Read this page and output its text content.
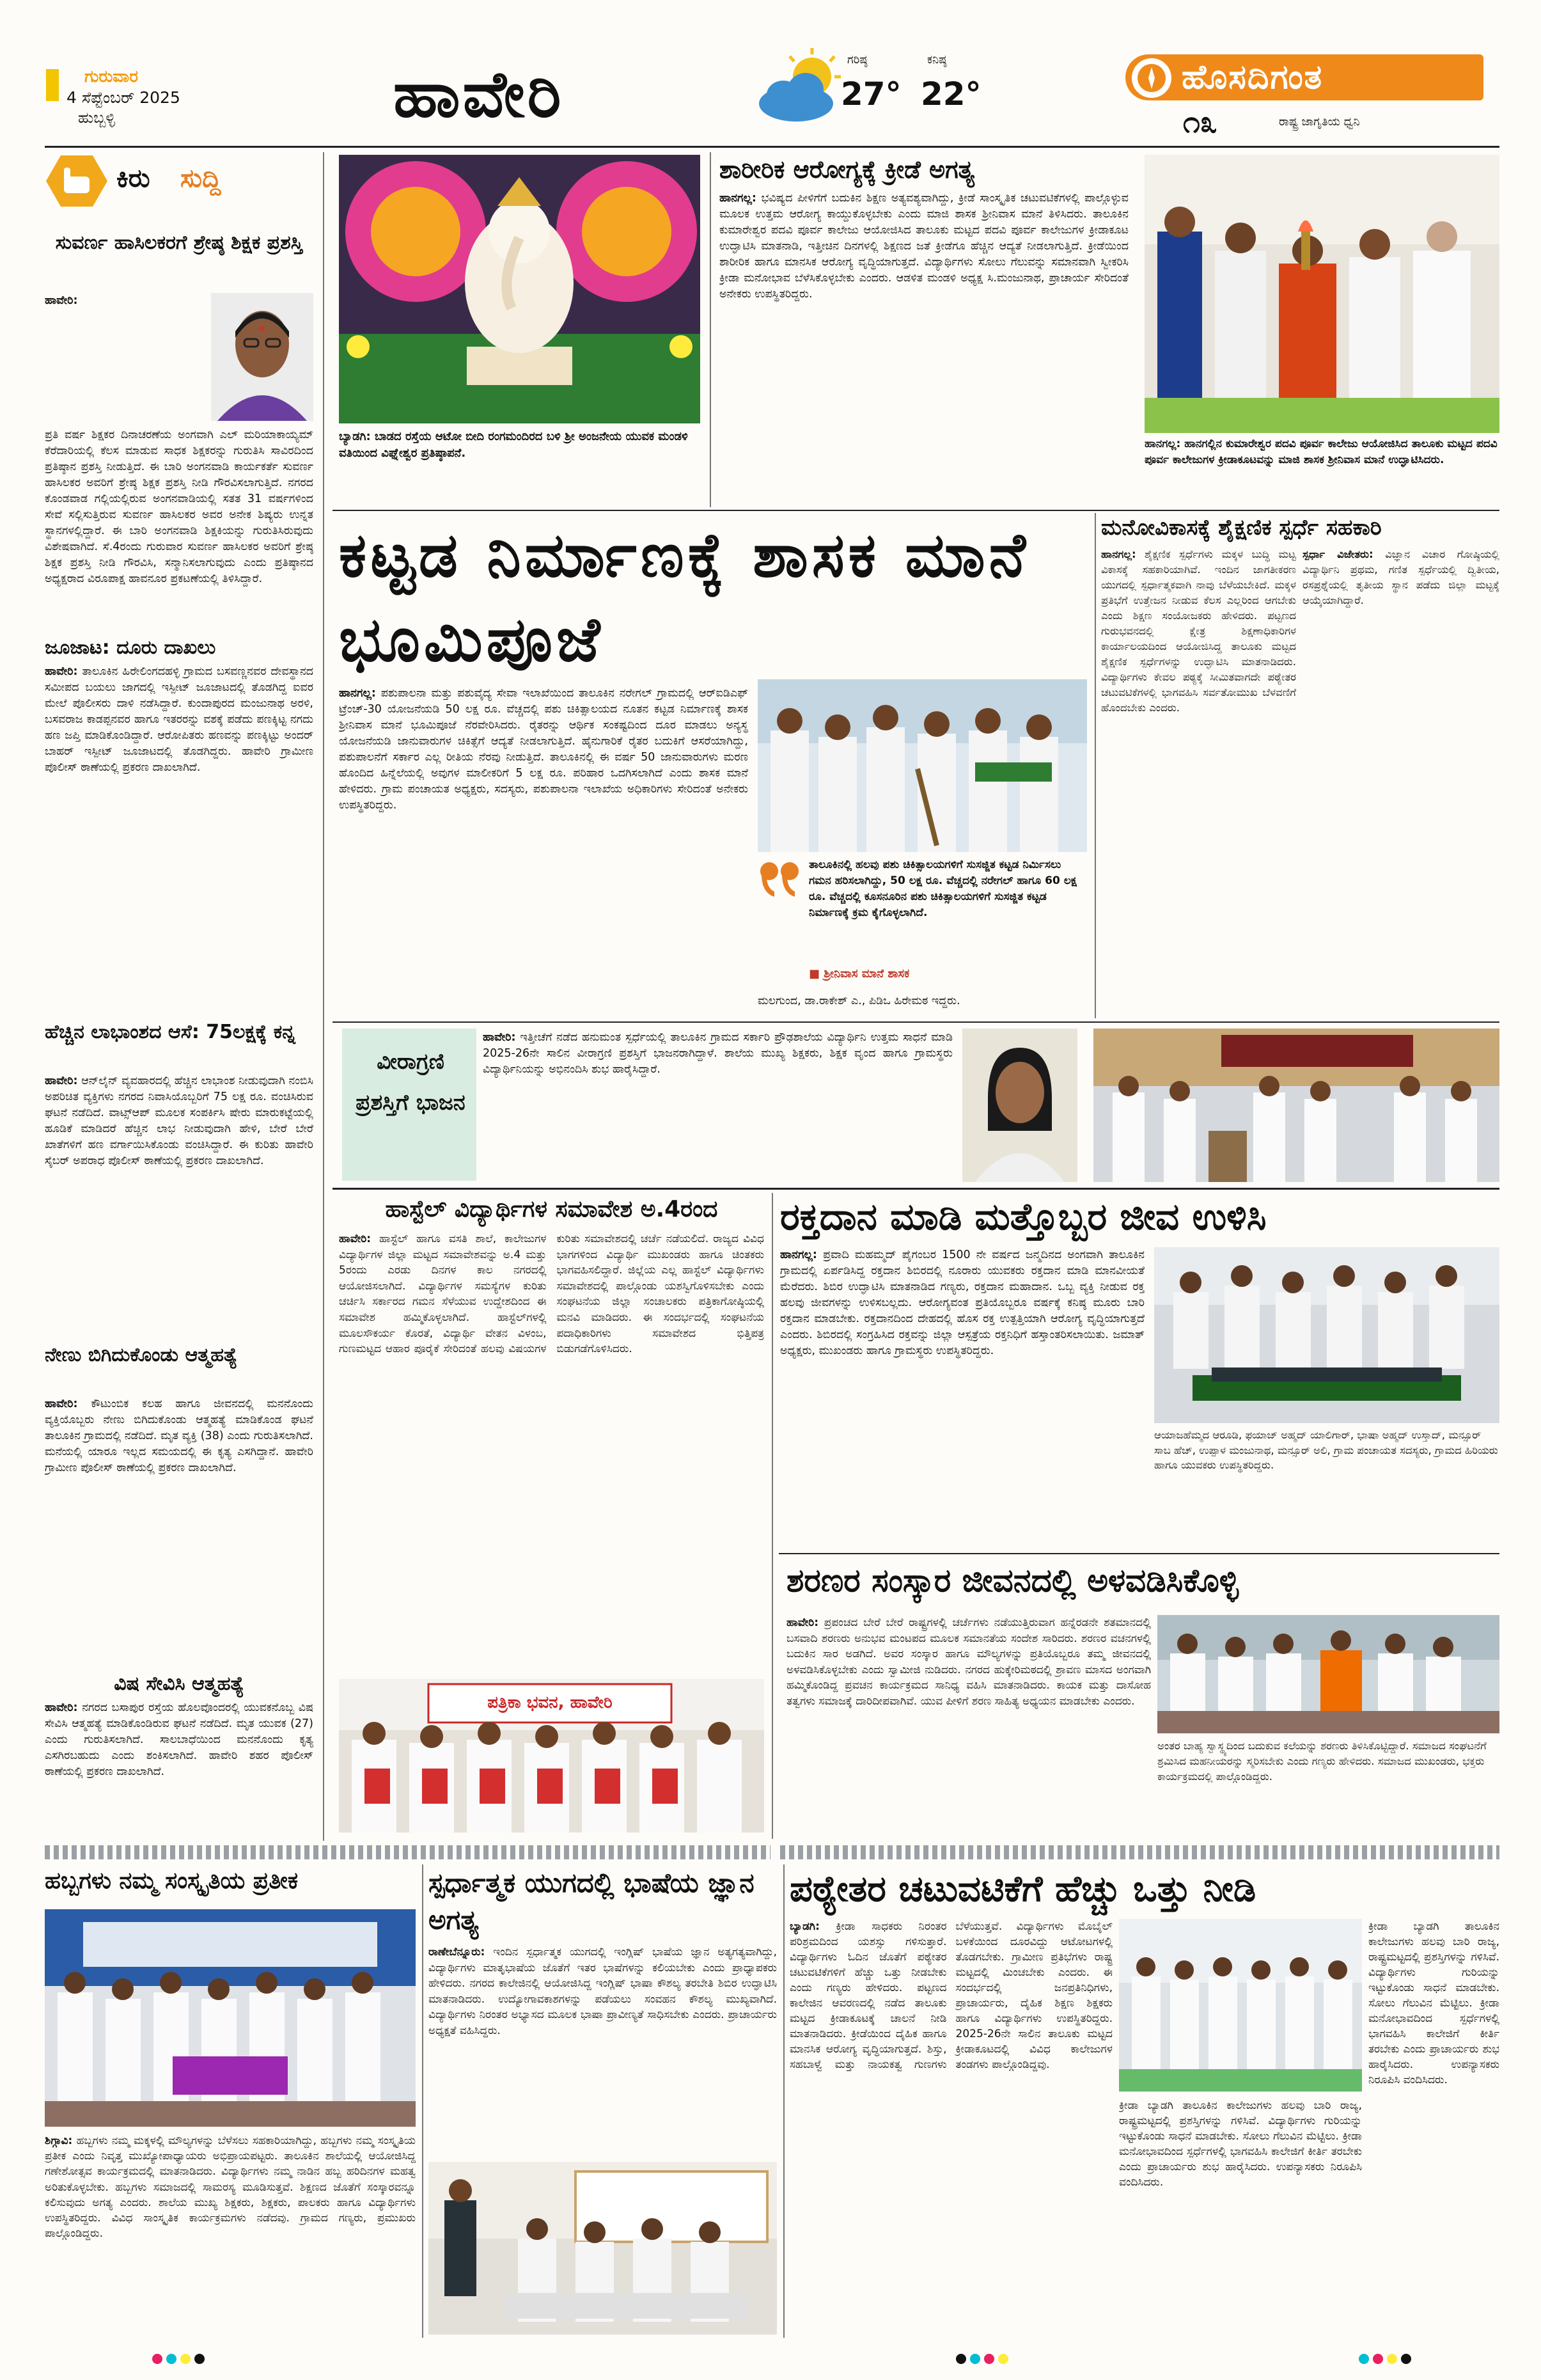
ಗುರುವಾರ
4 ಸೆಪ್ಟೆಂಬರ್ 2025
ಹುಬ್ಬಳ್ಳಿ	ಹಾವೇರಿ	ಗರಿಷ್ಠ
27°
ಕನಿಷ್ಠ
22°	ಹೊಸದಿಗಂತ
೧೩	ರಾಷ್ಟ್ರ ಜಾಗೃತಿಯ ಧ್ವನಿ
ಕಿರು ಸುದ್ದಿ
ಸುವರ್ಣ ಹಾಸಿಲಕರಗೆ ಶ್ರೇಷ್ಠ ಶಿಕ್ಷಕ ಪ್ರಶಸ್ತಿ
ಹಾವೇರಿ:
ಪ್ರತಿ ವರ್ಷ ಶಿಕ್ಷಕರ ದಿನಾಚರಣೆಯ ಅಂಗವಾಗಿ ಎಲ್‌ ಮರಿಯಾಕಾಯ್ಯಮ್‌ ಕೆರೆದಾರಿಯಲ್ಲಿ ಕೆಲಸ ಮಾಡುವ ಸಾಧಕ ಶಿಕ್ಷಕರನ್ನು ಗುರುತಿಸಿ ಸಾವಿರದಿಂದ ಪ್ರತಿಷ್ಠಾನ ಪ್ರಶಸ್ತಿ ನೀಡುತ್ತಿದೆ. ಈ ಬಾರಿ ಅಂಗನವಾಡಿ ಕಾರ್ಯಕರ್ತೆ ಸುವರ್ಣ ಹಾಸಿಲಕರ ಅವರಿಗೆ ಶ್ರೇಷ್ಠ ಶಿಕ್ಷಕ ಪ್ರಶಸ್ತಿ ನೀಡಿ ಗೌರವಿಸಲಾಗುತ್ತಿದೆ. ನಗರದ ಕೊಂಡವಾಡ ಗಲ್ಲಿಯಲ್ಲಿರುವ ಅಂಗನವಾಡಿಯಲ್ಲಿ ಸತತ 31 ವರ್ಷಗಳಿಂದ ಸೇವೆ ಸಲ್ಲಿಸುತ್ತಿರುವ ಸುವರ್ಣ ಹಾಸಿಲಕರ ಅವರ ಅನೇಕ ಶಿಷ್ಯರು ಉನ್ನತ ಸ್ಥಾನಗಳಲ್ಲಿದ್ದಾರೆ. ಈ ಬಾರಿ ಅಂಗನವಾಡಿ ಶಿಕ್ಷಕಿಯನ್ನು ಗುರುತಿಸಿರುವುದು ವಿಶೇಷವಾಗಿದೆ. ಸೆ.4ರಂದು ಗುರುವಾರ ಸುವರ್ಣ ಹಾಸಿಲಕರ ಅವರಿಗೆ ಶ್ರೇಷ್ಠ ಶಿಕ್ಷಕ ಪ್ರಶಸ್ತಿ ನೀಡಿ ಗೌರವಿಸಿ, ಸನ್ಮಾನಿಸಲಾಗುವುದು ಎಂದು ಪ್ರತಿಷ್ಠಾನದ ಅಧ್ಯಕ್ಷರಾದ ವಿರೂಪಾಕ್ಷ ಹಾವನೂರ ಪ್ರಕಟಣೆಯಲ್ಲಿ ತಿಳಿಸಿದ್ದಾರೆ.
ಜೂಜಾಟ: ದೂರು ದಾಖಲು
ಹಾವೇರಿ: ತಾಲೂಕಿನ ಹಿರೇಲಿಂಗದಹಳ್ಳಿ ಗ್ರಾಮದ ಬಸವಣ್ಣನವರ ದೇವಸ್ಥಾನದ ಸಮೀಪದ ಬಯಲು ಜಾಗದಲ್ಲಿ ಇಸ್ಪೀಟ್‌ ಜೂಜಾಟದಲ್ಲಿ ತೊಡಗಿದ್ದ ಐವರ ಮೇಲೆ ಪೊಲೀಸರು ದಾಳಿ ನಡೆಸಿದ್ದಾರೆ. ಕುಂದಾಪುರದ ಮಂಜುನಾಥ ಅರಳಿ, ಬಸವರಾಜ ಕಾಡಪ್ಪನವರ ಹಾಗೂ ಇತರರನ್ನು ವಶಕ್ಕೆ ಪಡೆದು ಪಣಕ್ಕಿಟ್ಟ ನಗದು ಹಣ ಜಪ್ತಿ ಮಾಡಿಕೊಂಡಿದ್ದಾರೆ. ಆರೋಪಿತರು ಹಣವನ್ನು ಪಣಕ್ಕಿಟ್ಟು ಅಂದರ್‌ ಬಾಹರ್‌ ಇಸ್ಪೀಟ್‌ ಜೂಜಾಟದಲ್ಲಿ ತೊಡಗಿದ್ದರು. ಹಾವೇರಿ ಗ್ರಾಮೀಣ ಪೊಲೀಸ್‌ ಠಾಣೆಯಲ್ಲಿ ಪ್ರಕರಣ ದಾಖಲಾಗಿದೆ.
ಹೆಚ್ಚಿನ ಲಾಭಾಂಶದ ಆಸೆ: 75ಲಕ್ಷಕ್ಕೆ ಕನ್ನ
ಹಾವೇರಿ: ಆನ್‌ಲೈನ್‌ ವ್ಯವಹಾರದಲ್ಲಿ ಹೆಚ್ಚಿನ ಲಾಭಾಂಶ ನೀಡುವುದಾಗಿ ನಂಬಿಸಿ ಅಪರಿಚಿತ ವ್ಯಕ್ತಿಗಳು ನಗರದ ನಿವಾಸಿಯೊಬ್ಬರಿಗೆ 75 ಲಕ್ಷ ರೂ. ವಂಚಿಸಿರುವ ಘಟನೆ ನಡೆದಿದೆ. ವಾಟ್ಸ್‌ಆಪ್‌ ಮೂಲಕ ಸಂಪರ್ಕಿಸಿ ಷೇರು ಮಾರುಕಟ್ಟೆಯಲ್ಲಿ ಹೂಡಿಕೆ ಮಾಡಿದರೆ ಹೆಚ್ಚಿನ ಲಾಭ ನೀಡುವುದಾಗಿ ಹೇಳಿ, ಬೇರೆ ಬೇರೆ ಖಾತೆಗಳಿಗೆ ಹಣ ವರ್ಗಾಯಿಸಿಕೊಂಡು ವಂಚಿಸಿದ್ದಾರೆ. ಈ ಕುರಿತು ಹಾವೇರಿ ಸೈಬರ್‌ ಅಪರಾಧ ಪೊಲೀಸ್‌ ಠಾಣೆಯಲ್ಲಿ ಪ್ರಕರಣ ದಾಖಲಾಗಿದೆ.
ನೇಣು ಬಿಗಿದುಕೊಂಡು ಆತ್ಮಹತ್ಯೆ
ಹಾವೇರಿ: ಕೌಟುಂಬಿಕ ಕಲಹ ಹಾಗೂ ಜೀವನದಲ್ಲಿ ಮನನೊಂದು ವ್ಯಕ್ತಿಯೊಬ್ಬರು ನೇಣು ಬಿಗಿದುಕೊಂಡು ಆತ್ಮಹತ್ಯೆ ಮಾಡಿಕೊಂಡ ಘಟನೆ ತಾಲೂಕಿನ ಗ್ರಾಮದಲ್ಲಿ ನಡೆದಿದೆ. ಮೃತ ವ್ಯಕ್ತಿ (38) ಎಂದು ಗುರುತಿಸಲಾಗಿದೆ. ಮನೆಯಲ್ಲಿ ಯಾರೂ ಇಲ್ಲದ ಸಮಯದಲ್ಲಿ ಈ ಕೃತ್ಯ ಎಸಗಿದ್ದಾನೆ. ಹಾವೇರಿ ಗ್ರಾಮೀಣ ಪೊಲೀಸ್‌ ಠಾಣೆಯಲ್ಲಿ ಪ್ರಕರಣ ದಾಖಲಾಗಿದೆ.
ವಿಷ ಸೇವಿಸಿ ಆತ್ಮಹತ್ಯೆ
ಹಾವೇರಿ: ನಗರದ ಬಸಾಪುರ ರಸ್ತೆಯ ಹೊಲವೊಂದರಲ್ಲಿ ಯುವಕನೊಬ್ಬ ವಿಷ ಸೇವಿಸಿ ಆತ್ಮಹತ್ಯೆ ಮಾಡಿಕೊಂಡಿರುವ ಘಟನೆ ನಡೆದಿದೆ. ಮೃತ ಯುವಕ (27) ಎಂದು ಗುರುತಿಸಲಾಗಿದೆ. ಸಾಲಬಾಧೆಯಿಂದ ಮನನೊಂದು ಕೃತ್ಯ ಎಸಗಿರಬಹುದು ಎಂದು ಶಂಕಿಸಲಾಗಿದೆ. ಹಾವೇರಿ ಶಹರ ಪೊಲೀಸ್‌ ಠಾಣೆಯಲ್ಲಿ ಪ್ರಕರಣ ದಾಖಲಾಗಿದೆ.
ಬ್ಯಾಡಗಿ: ಬಾಡದ ರಸ್ತೆಯ ಆಟೋ ಬೀದಿ ರಂಗಮಂದಿರದ ಬಳಿ ಶ್ರೀ ಅಂಜನೇಯ ಯುವಕ ಮಂಡಳಿ ವತಿಯಿಂದ ವಿಘ್ನೇಶ್ವರ ಪ್ರತಿಷ್ಠಾಪನೆ.
ಶಾರೀರಿಕ ಆರೋಗ್ಯಕ್ಕೆ ಕ್ರೀಡೆ ಅಗತ್ಯ
ಹಾನಗಲ್ಲ: ಭವಿಷ್ಯದ ಪೀಳಿಗೆಗೆ ಬದುಕಿನ ಶಿಕ್ಷಣ ಅತ್ಯವಶ್ಯವಾಗಿದ್ದು, ಕ್ರೀಡೆ ಸಾಂಸ್ಕೃತಿಕ ಚಟುವಟಿಕೆಗಳಲ್ಲಿ ಪಾಲ್ಗೊಳ್ಳುವ ಮೂಲಕ ಉತ್ತಮ ಆರೋಗ್ಯ ಕಾಯ್ದುಕೊಳ್ಳಬೇಕು ಎಂದು ಮಾಜಿ ಶಾಸಕ ಶ್ರೀನಿವಾಸ ಮಾನೆ ತಿಳಿಸಿದರು. ತಾಲೂಕಿನ ಕುಮಾರೇಶ್ವರ ಪದವಿ ಪೂರ್ವ ಕಾಲೇಜು ಆಯೋಜಿಸಿದ ತಾಲೂಕು ಮಟ್ಟದ ಪದವಿ ಪೂರ್ವ ಕಾಲೇಜುಗಳ ಕ್ರೀಡಾಕೂಟ ಉದ್ಘಾಟಿಸಿ ಮಾತನಾಡಿ, ಇತ್ತೀಚಿನ ದಿನಗಳಲ್ಲಿ ಶಿಕ್ಷಣದ ಜತೆ ಕ್ರೀಡೆಗೂ ಹೆಚ್ಚಿನ ಆದ್ಯತೆ ನೀಡಲಾಗುತ್ತಿದೆ. ಕ್ರೀಡೆಯಿಂದ ಶಾರೀರಿಕ ಹಾಗೂ ಮಾನಸಿಕ ಆರೋಗ್ಯ ವೃದ್ಧಿಯಾಗುತ್ತದೆ. ವಿದ್ಯಾರ್ಥಿಗಳು ಸೋಲು ಗೆಲುವನ್ನು ಸಮಾನವಾಗಿ ಸ್ವೀಕರಿಸಿ ಕ್ರೀಡಾ ಮನೋಭಾವ ಬೆಳೆಸಿಕೊಳ್ಳಬೇಕು ಎಂದರು. ಆಡಳಿತ ಮಂಡಳಿ ಅಧ್ಯಕ್ಷ ಸಿ.ಮಂಜುನಾಥ, ಪ್ರಾಚಾರ್ಯ ಸೇರಿದಂತೆ ಅನೇಕರು ಉಪಸ್ಥಿತರಿದ್ದರು.
ಹಾನಗಲ್ಲ: ಹಾನಗಲ್ಲಿನ ಕುಮಾರೇಶ್ವರ ಪದವಿ ಪೂರ್ವ ಕಾಲೇಜು ಆಯೋಜಿಸಿದ ತಾಲೂಕು ಮಟ್ಟದ ಪದವಿ ಪೂರ್ವ ಕಾಲೇಜುಗಳ ಕ್ರೀಡಾಕೂಟವನ್ನು ಮಾಜಿ ಶಾಸಕ ಶ್ರೀನಿವಾಸ ಮಾನೆ ಉದ್ಘಾಟಿಸಿದರು.
ಕಟ್ಟಡ ನಿರ್ಮಾಣಕ್ಕೆ ಶಾಸಕ ಮಾನೆ ಭೂಮಿಪೂಜೆ
ಹಾನಗಲ್ಲ: ಪಶುಪಾಲನಾ ಮತ್ತು ಪಶುವೈದ್ಯ ಸೇವಾ ಇಲಾಖೆಯಿಂದ ತಾಲೂಕಿನ ನರೇಗಲ್‌ ಗ್ರಾಮದಲ್ಲಿ ಆರ್‌ಐಡಿಎಫ್‌ ಟ್ರೆಂಚ್‌-30 ಯೋಜನೆಯಡಿ 50 ಲಕ್ಷ ರೂ. ವೆಚ್ಚದಲ್ಲಿ ಪಶು ಚಿಕಿತ್ಸಾಲಯದ ನೂತನ ಕಟ್ಟಡ ನಿರ್ಮಾಣಕ್ಕೆ ಶಾಸಕ ಶ್ರೀನಿವಾಸ ಮಾನೆ ಭೂಮಿಪೂಜೆ ನೆರವೇರಿಸಿದರು. ರೈತರನ್ನು ಆರ್ಥಿಕ ಸಂಕಷ್ಟದಿಂದ ದೂರ ಮಾಡಲು ಅನ್ಯಸ್ಥ ಯೋಜನೆಯಡಿ ಜಾನುವಾರುಗಳ ಚಿಕಿತ್ಸೆಗೆ ಆದ್ಯತೆ ನೀಡಲಾಗುತ್ತಿದೆ. ಹೈನುಗಾರಿಕೆ ರೈತರ ಬದುಕಿಗೆ ಆಸರೆಯಾಗಿದ್ದು, ಪಶುಪಾಲನೆಗೆ ಸರ್ಕಾರ ಎಲ್ಲ ರೀತಿಯ ನೆರವು ನೀಡುತ್ತಿದೆ. ತಾಲೂಕಿನಲ್ಲಿ ಈ ವರ್ಷ 50 ಜಾನುವಾರುಗಳು ಮರಣ ಹೊಂದಿದ ಹಿನ್ನೆಲೆಯಲ್ಲಿ ಅವುಗಳ ಮಾಲೀಕರಿಗೆ 5 ಲಕ್ಷ ರೂ. ಪರಿಹಾರ ಒದಗಿಸಲಾಗಿದೆ ಎಂದು ಶಾಸಕ ಮಾನೆ ಹೇಳಿದರು. ಗ್ರಾಮ ಪಂಚಾಯತ ಅಧ್ಯಕ್ಷರು, ಸದಸ್ಯರು, ಪಶುಪಾಲನಾ ಇಲಾಖೆಯ ಅಧಿಕಾರಿಗಳು ಸೇರಿದಂತೆ ಅನೇಕರು ಉಪಸ್ಥಿತರಿದ್ದರು.
ತಾಲೂಕಿನಲ್ಲಿ ಹಲವು ಪಶು ಚಿಕಿತ್ಸಾಲಯಗಳಿಗೆ ಸುಸಜ್ಜಿತ ಕಟ್ಟಡ ನಿರ್ಮಿಸಲು ಗಮನ ಹರಿಸಲಾಗಿದ್ದು, 50 ಲಕ್ಷ ರೂ. ವೆಚ್ಚದಲ್ಲಿ ನರೇಗಲ್‌ ಹಾಗೂ 60 ಲಕ್ಷ ರೂ. ವೆಚ್ಚದಲ್ಲಿ ಕೂಸನೂರಿನ ಪಶು ಚಿಕಿತ್ಸಾಲಯಗಳಿಗೆ ಸುಸಜ್ಜಿತ ಕಟ್ಟಡ ನಿರ್ಮಾಣಕ್ಕೆ ಕ್ರಮ ಕೈಗೊಳ್ಳಲಾಗಿದೆ.
■ ಶ್ರೀನಿವಾಸ ಮಾನೆ ಶಾಸಕ
ಮಲಗುಂದ, ಡಾ.ರಾಕೇಶ್‌ ಎ., ಪಿಡಿಒ ಹಿರೇಮಠ ಇದ್ದರು.
ಮನೋವಿಕಾಸಕ್ಕೆ ಶೈಕ್ಷಣಿಕ ಸ್ಪರ್ಧೆ ಸಹಕಾರಿ
ಹಾನಗಲ್ಲ: ಶೈಕ್ಷಣಿಕ ಸ್ಪರ್ಧೆಗಳು ಮಕ್ಕಳ ಬುದ್ಧಿ ಮಟ್ಟ ವಿಕಾಸಕ್ಕೆ ಸಹಕಾರಿಯಾಗಿವೆ. ಇಂದಿನ ಜಾಗತೀಕರಣ ಯುಗದಲ್ಲಿ ಸ್ಪರ್ಧಾತ್ಮಕವಾಗಿ ನಾವು ಬೆಳೆಯಬೇಕಿದೆ. ಮಕ್ಕಳ ಪ್ರತಿಭೆಗೆ ಉತ್ತೇಜನ ನೀಡುವ ಕೆಲಸ ಎಲ್ಲರಿಂದ ಆಗಬೇಕು ಎಂದು ಶಿಕ್ಷಣ ಸಂಯೋಜಕರು ಹೇಳಿದರು. ಪಟ್ಟಣದ ಗುರುಭವನದಲ್ಲಿ ಕ್ಷೇತ್ರ ಶಿಕ್ಷಣಾಧಿಕಾರಿಗಳ ಕಾರ್ಯಾಲಯದಿಂದ ಆಯೋಜಿಸಿದ್ದ ತಾಲೂಕು ಮಟ್ಟದ ಶೈಕ್ಷಣಿಕ ಸ್ಪರ್ಧೆಗಳನ್ನು ಉದ್ಘಾಟಿಸಿ ಮಾತನಾಡಿದರು. ವಿದ್ಯಾರ್ಥಿಗಳು ಕೇವಲ ಪಠ್ಯಕ್ಕೆ ಸೀಮಿತವಾಗದೇ ಪಠ್ಯೇತರ ಚಟುವಟಿಕೆಗಳಲ್ಲಿ ಭಾಗವಹಿಸಿ ಸರ್ವತೋಮುಖ ಬೆಳವಣಿಗೆ ಹೊಂದಬೇಕು ಎಂದರು.
ಸ್ಪರ್ಧಾ ವಿಜೇತರು: ವಿಜ್ಞಾನ ವಿಚಾರ ಗೋಷ್ಠಿಯಲ್ಲಿ ವಿದ್ಯಾರ್ಥಿನಿ ಪ್ರಥಮ, ಗಣಿತ ಸ್ಪರ್ಧೆಯಲ್ಲಿ ದ್ವಿತೀಯ, ರಸಪ್ರಶ್ನೆಯಲ್ಲಿ ತೃತೀಯ ಸ್ಥಾನ ಪಡೆದು ಜಿಲ್ಲಾ ಮಟ್ಟಕ್ಕೆ ಆಯ್ಕೆಯಾಗಿದ್ದಾರೆ.
ವೀರಾಗ್ರಣಿ ಪ್ರಶಸ್ತಿಗೆ ಭಾಜನ
ಹಾವೇರಿ: ಇತ್ತೀಚೆಗೆ ನಡೆದ ಹನುಮಂತ ಸ್ಪರ್ಧೆಯಲ್ಲಿ ತಾಲೂಕಿನ ಗ್ರಾಮದ ಸರ್ಕಾರಿ ಪ್ರೌಢಶಾಲೆಯ ವಿದ್ಯಾರ್ಥಿನಿ ಉತ್ತಮ ಸಾಧನೆ ಮಾಡಿ 2025-26ನೇ ಸಾಲಿನ ವೀರಾಗ್ರಣಿ ಪ್ರಶಸ್ತಿಗೆ ಭಾಜನರಾಗಿದ್ದಾಳೆ. ಶಾಲೆಯ ಮುಖ್ಯ ಶಿಕ್ಷಕರು, ಶಿಕ್ಷಕ ವೃಂದ ಹಾಗೂ ಗ್ರಾಮಸ್ಥರು ವಿದ್ಯಾರ್ಥಿನಿಯನ್ನು ಅಭಿನಂದಿಸಿ ಶುಭ ಹಾರೈಸಿದ್ದಾರೆ.
ಹಾಸ್ಟೆಲ್ ವಿದ್ಯಾರ್ಥಿಗಳ ಸಮಾವೇಶ ಅ.4ರಂದ
ಹಾವೇರಿ: ಹಾಸ್ಟೆಲ್ ಹಾಗೂ ವಸತಿ ಶಾಲೆ, ಕಾಲೇಜುಗಳ ವಿದ್ಯಾರ್ಥಿಗಳ ಜಿಲ್ಲಾ ಮಟ್ಟದ ಸಮಾವೇಶವನ್ನು ಅ.4 ಮತ್ತು 5ರಂದು ಎರಡು ದಿನಗಳ ಕಾಲ ನಗರದಲ್ಲಿ ಆಯೋಜಿಸಲಾಗಿದೆ. ವಿದ್ಯಾರ್ಥಿಗಳ ಸಮಸ್ಯೆಗಳ ಕುರಿತು ಚರ್ಚಿಸಿ ಸರ್ಕಾರದ ಗಮನ ಸೆಳೆಯುವ ಉದ್ದೇಶದಿಂದ ಈ ಸಮಾವೇಶ ಹಮ್ಮಿಕೊಳ್ಳಲಾಗಿದೆ. ಹಾಸ್ಟೆಲ್‌ಗಳಲ್ಲಿ ಮೂಲಸೌಕರ್ಯ ಕೊರತೆ, ವಿದ್ಯಾರ್ಥಿ ವೇತನ ವಿಳಂಬ, ಗುಣಮಟ್ಟದ ಆಹಾರ ಪೂರೈಕೆ ಸೇರಿದಂತೆ ಹಲವು ವಿಷಯಗಳ ಕುರಿತು ಸಮಾವೇಶದಲ್ಲಿ ಚರ್ಚೆ ನಡೆಯಲಿದೆ. ರಾಜ್ಯದ ವಿವಿಧ ಭಾಗಗಳಿಂದ ವಿದ್ಯಾರ್ಥಿ ಮುಖಂಡರು ಹಾಗೂ ಚಿಂತಕರು ಭಾಗವಹಿಸಲಿದ್ದಾರೆ. ಜಿಲ್ಲೆಯ ಎಲ್ಲ ಹಾಸ್ಟೆಲ್ ವಿದ್ಯಾರ್ಥಿಗಳು ಸಮಾವೇಶದಲ್ಲಿ ಪಾಲ್ಗೊಂಡು ಯಶಸ್ವಿಗೊಳಿಸಬೇಕು ಎಂದು ಸಂಘಟನೆಯ ಜಿಲ್ಲಾ ಸಂಚಾಲಕರು ಪತ್ರಿಕಾಗೋಷ್ಠಿಯಲ್ಲಿ ಮನವಿ ಮಾಡಿದರು. ಈ ಸಂದರ್ಭದಲ್ಲಿ ಸಂಘಟನೆಯ ಪದಾಧಿಕಾರಿಗಳು ಸಮಾವೇಶದ ಭಿತ್ತಿಪತ್ರ ಬಿಡುಗಡೆಗೊಳಿಸಿದರು.
ಪತ್ರಿಕಾ ಭವನ, ಹಾವೇರಿ
ರಕ್ತದಾನ ಮಾಡಿ ಮತ್ತೊಬ್ಬರ ಜೀವ ಉಳಿಸಿ
ಹಾನಗಲ್ಲ: ಪ್ರವಾದಿ ಮಹಮ್ಮದ್‌ ಪೈಗಂಬರ 1500 ನೇ ವರ್ಷದ ಜನ್ಮದಿನದ ಅಂಗವಾಗಿ ತಾಲೂಕಿನ ಗ್ರಾಮದಲ್ಲಿ ಏರ್ಪಡಿಸಿದ್ದ ರಕ್ತದಾನ ಶಿಬಿರದಲ್ಲಿ ನೂರಾರು ಯುವಕರು ರಕ್ತದಾನ ಮಾಡಿ ಮಾನವೀಯತೆ ಮೆರೆದರು. ಶಿಬಿರ ಉದ್ಘಾಟಿಸಿ ಮಾತನಾಡಿದ ಗಣ್ಯರು, ರಕ್ತದಾನ ಮಹಾದಾನ. ಒಬ್ಬ ವ್ಯಕ್ತಿ ನೀಡುವ ರಕ್ತ ಹಲವು ಜೀವಗಳನ್ನು ಉಳಿಸಬಲ್ಲದು. ಆರೋಗ್ಯವಂತ ಪ್ರತಿಯೊಬ್ಬರೂ ವರ್ಷಕ್ಕೆ ಕನಿಷ್ಠ ಮೂರು ಬಾರಿ ರಕ್ತದಾನ ಮಾಡಬೇಕು. ರಕ್ತದಾನದಿಂದ ದೇಹದಲ್ಲಿ ಹೊಸ ರಕ್ತ ಉತ್ಪತ್ತಿಯಾಗಿ ಆರೋಗ್ಯ ವೃದ್ಧಿಯಾಗುತ್ತದೆ ಎಂದರು. ಶಿಬಿರದಲ್ಲಿ ಸಂಗ್ರಹಿಸಿದ ರಕ್ತವನ್ನು ಜಿಲ್ಲಾ ಆಸ್ಪತ್ರೆಯ ರಕ್ತನಿಧಿಗೆ ಹಸ್ತಾಂತರಿಸಲಾಯಿತು. ಜಮಾತ್‌ ಅಧ್ಯಕ್ಷರು, ಮುಖಂಡರು ಹಾಗೂ ಗ್ರಾಮಸ್ಥರು ಉಪಸ್ಥಿತರಿದ್ದರು.
ಆಯಾಜಹೆಮ್ಮದ ಆರೂಡಿ, ಫಯಾಜ್‌ ಅಹ್ಮದ್‌ ಯಾಲಿಗಾರ್‌, ಭಾಷಾ ಅಹ್ಮದ್‌ ಉಸ್ತಾದ್‌, ಮನ್ಸೂರ್‌ ಸಾಬ ಹೆಚ್‌, ಉಪ್ಪಾಳ ಮಂಜುನಾಥ, ಮನ್ಸೂರ್‌ ಅಲಿ, ಗ್ರಾಮ ಪಂಚಾಯತ ಸದಸ್ಯರು, ಗ್ರಾಮದ ಹಿರಿಯರು ಹಾಗೂ ಯುವಕರು ಉಪಸ್ಥಿತರಿದ್ದರು.
ಶರಣರ ಸಂಸ್ಕಾರ ಜೀವನದಲ್ಲಿ ಅಳವಡಿಸಿಕೊಳ್ಳಿ
ಹಾವೇರಿ: ಪ್ರಪಂಚದ ಬೇರೆ ಬೇರೆ ರಾಷ್ಟ್ರಗಳಲ್ಲಿ ಚರ್ಚೆಗಳು ನಡೆಯುತ್ತಿರುವಾಗ ಹನ್ನೆರಡನೇ ಶತಮಾನದಲ್ಲಿ ಬಸವಾದಿ ಶರಣರು ಅನುಭವ ಮಂಟಪದ ಮೂಲಕ ಸಮಾನತೆಯ ಸಂದೇಶ ಸಾರಿದರು. ಶರಣರ ವಚನಗಳಲ್ಲಿ ಬದುಕಿನ ಸಾರ ಅಡಗಿದೆ. ಅವರ ಸಂಸ್ಕಾರ ಹಾಗೂ ಮೌಲ್ಯಗಳನ್ನು ಪ್ರತಿಯೊಬ್ಬರೂ ತಮ್ಮ ಜೀವನದಲ್ಲಿ ಅಳವಡಿಸಿಕೊಳ್ಳಬೇಕು ಎಂದು ಸ್ವಾಮೀಜಿ ನುಡಿದರು. ನಗರದ ಹುಕ್ಕೇರಿಮಠದಲ್ಲಿ ಶ್ರಾವಣ ಮಾಸದ ಅಂಗವಾಗಿ ಹಮ್ಮಿಕೊಂಡಿದ್ದ ಪ್ರವಚನ ಕಾರ್ಯಕ್ರಮದ ಸಾನಿಧ್ಯ ವಹಿಸಿ ಮಾತನಾಡಿದರು. ಕಾಯಕ ಮತ್ತು ದಾಸೋಹ ತತ್ವಗಳು ಸಮಾಜಕ್ಕೆ ದಾರಿದೀಪವಾಗಿವೆ. ಯುವ ಪೀಳಿಗೆ ಶರಣ ಸಾಹಿತ್ಯ ಅಧ್ಯಯನ ಮಾಡಬೇಕು ಎಂದರು.
ಅಂತರ ಬಾಹ್ಯ ಸ್ವಾಸ್ಥ್ಯದಿಂದ ಬದುಕುವ ಕಲೆಯನ್ನು ಶರಣರು ತಿಳಿಸಿಕೊಟ್ಟಿದ್ದಾರೆ. ಸಮಾಜದ ಸಂಘಟನೆಗೆ ಶ್ರಮಿಸಿದ ಮಹನೀಯರನ್ನು ಸ್ಮರಿಸಬೇಕು ಎಂದು ಗಣ್ಯರು ಹೇಳಿದರು. ಸಮಾಜದ ಮುಖಂಡರು, ಭಕ್ತರು ಕಾರ್ಯಕ್ರಮದಲ್ಲಿ ಪಾಲ್ಗೊಂಡಿದ್ದರು.
ಹಬ್ಬಗಳು ನಮ್ಮ ಸಂಸ್ಕೃತಿಯ ಪ್ರತೀಕ
ಶಿಗ್ಗಾವಿ: ಹಬ್ಬಗಳು ನಮ್ಮ ಮಕ್ಕಳಲ್ಲಿ ಮೌಲ್ಯಗಳನ್ನು ಬೆಳೆಸಲು ಸಹಕಾರಿಯಾಗಿದ್ದು, ಹಬ್ಬಗಳು ನಮ್ಮ ಸಂಸ್ಕೃತಿಯ ಪ್ರತೀಕ ಎಂದು ನಿವೃತ್ತ ಮುಖ್ಯೋಪಾಧ್ಯಾಯರು ಅಭಿಪ್ರಾಯಪಟ್ಟರು. ತಾಲೂಕಿನ ಶಾಲೆಯಲ್ಲಿ ಆಯೋಜಿಸಿದ್ದ ಗಣೇಶೋತ್ಸವ ಕಾರ್ಯಕ್ರಮದಲ್ಲಿ ಮಾತನಾಡಿದರು. ವಿದ್ಯಾರ್ಥಿಗಳು ನಮ್ಮ ನಾಡಿನ ಹಬ್ಬ ಹರಿದಿನಗಳ ಮಹತ್ವ ಅರಿತುಕೊಳ್ಳಬೇಕು. ಹಬ್ಬಗಳು ಸಮಾಜದಲ್ಲಿ ಸಾಮರಸ್ಯ ಮೂಡಿಸುತ್ತವೆ. ಶಿಕ್ಷಣದ ಜೊತೆಗೆ ಸಂಸ್ಕಾರವನ್ನೂ ಕಲಿಸುವುದು ಅಗತ್ಯ ಎಂದರು. ಶಾಲೆಯ ಮುಖ್ಯ ಶಿಕ್ಷಕರು, ಶಿಕ್ಷಕರು, ಪಾಲಕರು ಹಾಗೂ ವಿದ್ಯಾರ್ಥಿಗಳು ಉಪಸ್ಥಿತರಿದ್ದರು. ವಿವಿಧ ಸಾಂಸ್ಕೃತಿಕ ಕಾರ್ಯಕ್ರಮಗಳು ನಡೆದವು. ಗ್ರಾಮದ ಗಣ್ಯರು, ಪ್ರಮುಖರು ಪಾಲ್ಗೊಂಡಿದ್ದರು.
ಸ್ಪರ್ಧಾತ್ಮಕ ಯುಗದಲ್ಲಿ ಭಾಷೆಯ ಜ್ಞಾನ ಅಗತ್ಯ
ರಾಣೇಬೆನ್ನೂರು: ಇಂದಿನ ಸ್ಪರ್ಧಾತ್ಮಕ ಯುಗದಲ್ಲಿ ಇಂಗ್ಲಿಷ್‌ ಭಾಷೆಯ ಜ್ಞಾನ ಅತ್ಯಗತ್ಯವಾಗಿದ್ದು, ವಿದ್ಯಾರ್ಥಿಗಳು ಮಾತೃಭಾಷೆಯ ಜೊತೆಗೆ ಇತರ ಭಾಷೆಗಳನ್ನು ಕಲಿಯಬೇಕು ಎಂದು ಪ್ರಾಧ್ಯಾಪಕರು ಹೇಳಿದರು. ನಗರದ ಕಾಲೇಜಿನಲ್ಲಿ ಆಯೋಜಿಸಿದ್ದ ಇಂಗ್ಲಿಷ್‌ ಭಾಷಾ ಕೌಶಲ್ಯ ತರಬೇತಿ ಶಿಬಿರ ಉದ್ಘಾಟಿಸಿ ಮಾತನಾಡಿದರು. ಉದ್ಯೋಗಾವಕಾಶಗಳನ್ನು ಪಡೆಯಲು ಸಂವಹನ ಕೌಶಲ್ಯ ಮುಖ್ಯವಾಗಿದೆ. ವಿದ್ಯಾರ್ಥಿಗಳು ನಿರಂತರ ಅಭ್ಯಾಸದ ಮೂಲಕ ಭಾಷಾ ಪ್ರಾವೀಣ್ಯತೆ ಸಾಧಿಸಬೇಕು ಎಂದರು. ಪ್ರಾಚಾರ್ಯರು ಅಧ್ಯಕ್ಷತೆ ವಹಿಸಿದ್ದರು.
ಪಠ್ಯೇತರ ಚಟುವಟಿಕೆಗೆ ಹೆಚ್ಚು ಒತ್ತು ನೀಡಿ
ಬ್ಯಾಡಗಿ: ಕ್ರೀಡಾ ಸಾಧಕರು ನಿರಂತರ ಪರಿಶ್ರಮದಿಂದ ಯಶಸ್ಸು ಗಳಿಸುತ್ತಾರೆ. ವಿದ್ಯಾರ್ಥಿಗಳು ಓದಿನ ಜೊತೆಗೆ ಪಠ್ಯೇತರ ಚಟುವಟಿಕೆಗಳಿಗೆ ಹೆಚ್ಚು ಒತ್ತು ನೀಡಬೇಕು ಎಂದು ಗಣ್ಯರು ಹೇಳಿದರು. ಪಟ್ಟಣದ ಕಾಲೇಜಿನ ಆವರಣದಲ್ಲಿ ನಡೆದ ತಾಲೂಕು ಮಟ್ಟದ ಕ್ರೀಡಾಕೂಟಕ್ಕೆ ಚಾಲನೆ ನೀಡಿ ಮಾತನಾಡಿದರು. ಕ್ರೀಡೆಯಿಂದ ದೈಹಿಕ ಹಾಗೂ ಮಾನಸಿಕ ಆರೋಗ್ಯ ವೃದ್ಧಿಯಾಗುತ್ತದೆ. ಶಿಸ್ತು, ಸಹಬಾಳ್ವೆ ಮತ್ತು ನಾಯಕತ್ವ ಗುಣಗಳು ಬೆಳೆಯುತ್ತವೆ. ವಿದ್ಯಾರ್ಥಿಗಳು ಮೊಬೈಲ್‌ ಬಳಕೆಯಿಂದ ದೂರವಿದ್ದು ಆಟೋಟಗಳಲ್ಲಿ ತೊಡಗಬೇಕು. ಗ್ರಾಮೀಣ ಪ್ರತಿಭೆಗಳು ರಾಷ್ಟ್ರ ಮಟ್ಟದಲ್ಲಿ ಮಿಂಚಬೇಕು ಎಂದರು. ಈ ಸಂದರ್ಭದಲ್ಲಿ ಜನಪ್ರತಿನಿಧಿಗಳು, ಪ್ರಾಚಾರ್ಯರು, ದೈಹಿಕ ಶಿಕ್ಷಣ ಶಿಕ್ಷಕರು ಹಾಗೂ ವಿದ್ಯಾರ್ಥಿಗಳು ಉಪಸ್ಥಿತರಿದ್ದರು. 2025-26ನೇ ಸಾಲಿನ ತಾಲೂಕು ಮಟ್ಟದ ಕ್ರೀಡಾಕೂಟದಲ್ಲಿ ವಿವಿಧ ಕಾಲೇಜುಗಳ ತಂಡಗಳು ಪಾಲ್ಗೊಂಡಿದ್ದವು.
ಕ್ರೀಡಾ ಬ್ಯಾಡಗಿ ತಾಲೂಕಿನ ಕಾಲೇಜುಗಳು ಹಲವು ಬಾರಿ ರಾಜ್ಯ, ರಾಷ್ಟ್ರಮಟ್ಟದಲ್ಲಿ ಪ್ರಶಸ್ತಿಗಳನ್ನು ಗಳಿಸಿವೆ. ವಿದ್ಯಾರ್ಥಿಗಳು ಗುರಿಯನ್ನು ಇಟ್ಟುಕೊಂಡು ಸಾಧನೆ ಮಾಡಬೇಕು. ಸೋಲು ಗೆಲುವಿನ ಮೆಟ್ಟಿಲು. ಕ್ರೀಡಾ ಮನೋಭಾವದಿಂದ ಸ್ಪರ್ಧೆಗಳಲ್ಲಿ ಭಾಗವಹಿಸಿ ಕಾಲೇಜಿಗೆ ಕೀರ್ತಿ ತರಬೇಕು ಎಂದು ಪ್ರಾಚಾರ್ಯರು ಶುಭ ಹಾರೈಸಿದರು. ಉಪನ್ಯಾಸಕರು ನಿರೂಪಿಸಿ ವಂದಿಸಿದರು.
ಕ್ರೀಡಾ ಬ್ಯಾಡಗಿ ತಾಲೂಕಿನ ಕಾಲೇಜುಗಳು ಹಲವು ಬಾರಿ ರಾಜ್ಯ, ರಾಷ್ಟ್ರಮಟ್ಟದಲ್ಲಿ ಪ್ರಶಸ್ತಿಗಳನ್ನು ಗಳಿಸಿವೆ. ವಿದ್ಯಾರ್ಥಿಗಳು ಗುರಿಯನ್ನು ಇಟ್ಟುಕೊಂಡು ಸಾಧನೆ ಮಾಡಬೇಕು. ಸೋಲು ಗೆಲುವಿನ ಮೆಟ್ಟಿಲು. ಕ್ರೀಡಾ ಮನೋಭಾವದಿಂದ ಸ್ಪರ್ಧೆಗಳಲ್ಲಿ ಭಾಗವಹಿಸಿ ಕಾಲೇಜಿಗೆ ಕೀರ್ತಿ ತರಬೇಕು ಎಂದು ಪ್ರಾಚಾರ್ಯರು ಶುಭ ಹಾರೈಸಿದರು. ಉಪನ್ಯಾಸಕರು ನಿರೂಪಿಸಿ ವಂದಿಸಿದರು.
